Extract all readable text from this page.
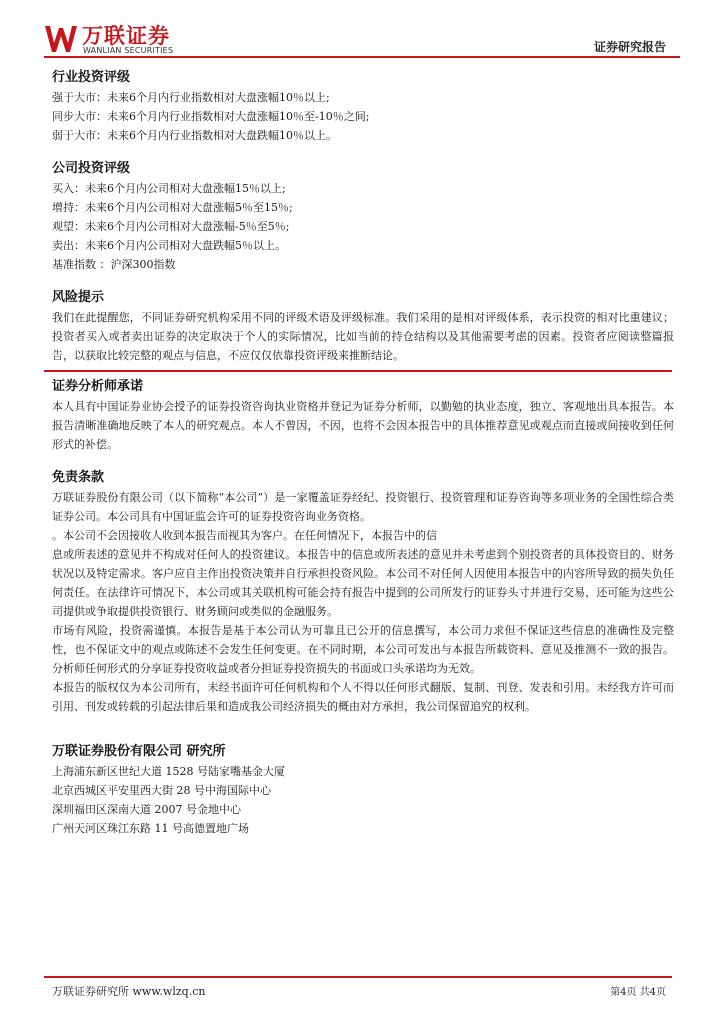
万联证券
WANLIAN SECURITIES	证券研究报告

行业投资评级

强于大市：未来6个月内行业指数相对大盘涨幅10％以上;

同步大市：未来6个月内行业指数相对大盘涨幅10％至-10％之间;

弱于大市：未来6个月内行业指数相对大盘跌幅10％以上。

公司投资评级

买入：未来6个月内公司相对大盘涨幅15％以上;

增持：未来6个月内公司相对大盘涨幅5％至15％;

观望：未来6个月内公司相对大盘涨幅-5％至5％;

卖出：未来6个月内公司相对大盘跌幅5％以上。

基准指数 ：沪深300指数

风险提示

我们在此提醒您，不同证券研究机构采用不同的评级术语及评级标准。我们采用的是相对评级体系，表示投资的相对比重建议；投资者买入或者卖出证券的决定取决于个人的实际情况，比如当前的持仓结构以及其他需要考虑的因素。投资者应阅读整篇报告，以获取比较完整的观点与信息，不应仅仅依靠投资评级来推断结论。

证券分析师承诺

本人具有中国证券业协会授予的证券投资咨询执业资格并登记为证券分析师，以勤勉的执业态度，独立、客观地出具本报告。本报告清晰准确地反映了本人的研究观点。本人不曾因，不因，也将不会因本报告中的具体推荐意见或观点而直接或间接收到任何形式的补偿。

免责条款

万联证券股份有限公司（以下简称“本公司”）是一家覆盖证券经纪、投资银行、投资管理和证券咨询等多项业务的全国性综合类证券公司。本公司具有中国证监会许可的证券投资咨询业务资格。

。本公司不会因接收人收到本报告而视其为客户。在任何情况下，本报告中的信

息或所表述的意见并不构成对任何人的投资建议。本报告中的信息或所表述的意见并未考虑到个别投资者的具体投资目的、财务状况以及特定需求。客户应自主作出投资决策并自行承担投资风险。本公司不对任何人因使用本报告中的内容所导致的损失负任何责任。在法律许可情况下，本公司或其关联机构可能会持有报告中提到的公司所发行的证券头寸并进行交易，还可能为这些公司提供或争取提供投资银行、财务顾问或类似的金融服务。

市场有风险，投资需谨慎。本报告是基于本公司认为可靠且已公开的信息撰写，本公司力求但不保证这些信息的准确性及完整性，也不保证文中的观点或陈述不会发生任何变更。在不同时期，本公司可发出与本报告所载资料、意见及推测不一致的报告。分析师任何形式的分享证券投资收益或者分担证券投资损失的书面或口头承诺均为无效。

本报告的版权仅为本公司所有，未经书面许可任何机构和个人不得以任何形式翻版、复制、刊登、发表和引用。未经我方许可而引用、刊发或转载的引起法律后果和造成我公司经济损失的概由对方承担，我公司保留追究的权利。

万联证券股份有限公司 研究所

上海浦东新区世纪大道 1528 号陆家嘴基金大厦

北京西城区平安里西大街 28 号中海国际中心

深圳福田区深南大道 2007 号金地中心

广州天河区珠江东路 11 号高德置地广场

万联证券研究所 www.wlzq.cn	第4页 共4页
